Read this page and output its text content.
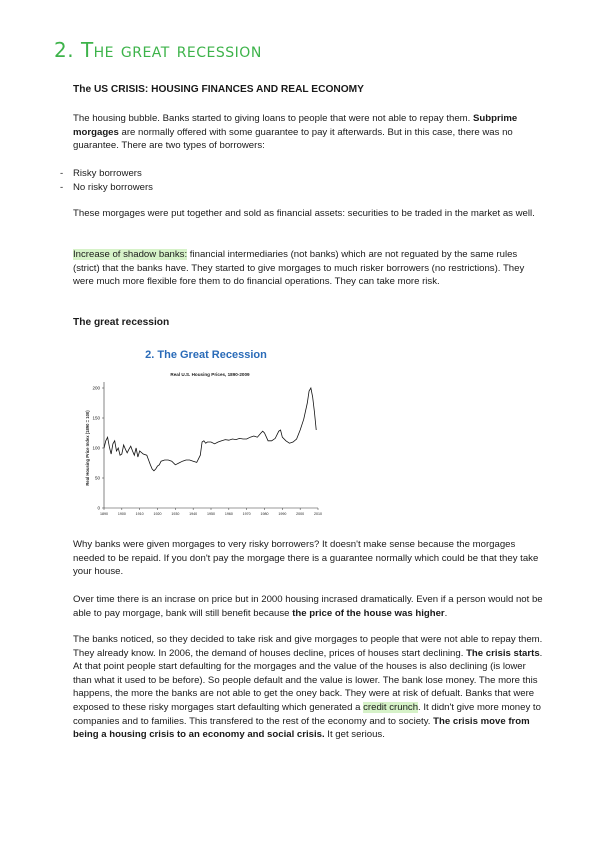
2. The great recession
The US CRISIS: HOUSING FINANCES AND REAL ECONOMY
The housing bubble. Banks started to giving loans to people that were not able to repay them. Subprime morgages are normally offered with some guarantee to pay it afterwards. But in this case, there was no guarantee. There are two types of borrowers:
- Risky borrowers
- No risky borrowers
These morgages were put together and sold as financial assets: securities to be traded in the market as well.
Increase of shadow banks: financial intermediaries (not banks) which are not reguated by the same rules (strict) that the banks have. They started to give morgages to much risker borrowers (no restrictions). They were much more flexible fore them to do financial operations. They can take more risk.
The great recession
2. The Great Recession
Real U.S. Housing Prices, 1890-2009
Real Housing Price Index (1890 = 100)
0
50
100
150
200
1890	1900	1910	1920	1930	1940	1950	1960	1970	1980	1990	2000	2010
Why banks were given morgages to very risky borrowers? It doesn't make sense because the morgages needed to be repaid. If you don't pay the morgage there is a guarantee normally which could be that they take your house.
Over time there is an incrase on price but in 2000 housing incrased dramatically. Even if a person would not be able to pay morgage, bank will still benefit because the price of the house was higher.
The banks noticed, so they decided to take risk and give morgages to people that were not able to repay them. They already know. In 2006, the demand of houses decline, prices of houses start declining. The crisis starts. At that point people start defaulting for the morgages and the value of the houses is also declining (is lower than what it used to be before). So people default and the value is lower. The bank lose money. The more this happens, the more the banks are not able to get the oney back. They were at risk of defualt. Banks that were exposed to these risky morgages start defaulting which generated a credit crunch. It didn't give more money to companies and to families. This transfered to the rest of the economy and to society. The crisis move from being a housing crisis to an economy and social crisis. It get serious.
